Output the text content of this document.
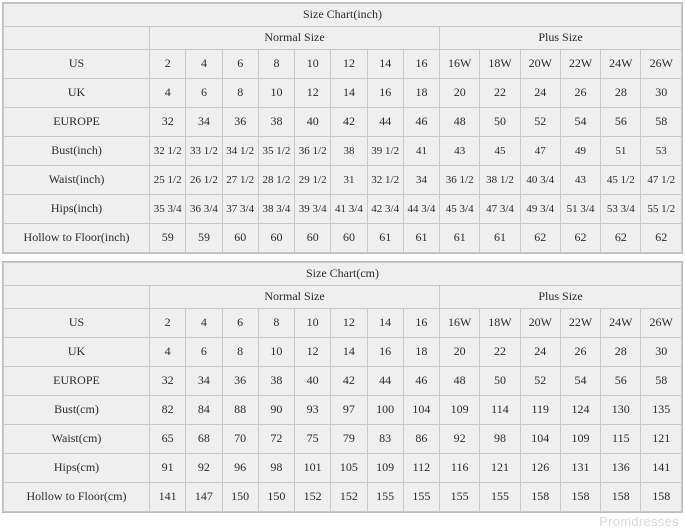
Size Chart(inch)														
	Normal Size								Plus Size					
US	2	4	6	8	10	12	14	16	16W	18W	20W	22W	24W	26W
UK	4	6	8	10	12	14	16	18	20	22	24	26	28	30
EUROPE	32	34	36	38	40	42	44	46	48	50	52	54	56	58
Bust(inch)	32 1/2	33 1/2	34 1/2	35 1/2	36 1/2	38	39 1/2	41	43	45	47	49	51	53
Waist(inch)	25 1/2	26 1/2	27 1/2	28 1/2	29 1/2	31	32 1/2	34	36 1/2	38 1/2	40 3/4	43	45 1/2	47 1/2
Hips(inch)	35 3/4	36 3/4	37 3/4	38 3/4	39 3/4	41 3/4	42 3/4	44 3/4	45 3/4	47 3/4	49 3/4	51 3/4	53 3/4	55 1/2
Hollow to Floor(inch)	59	59	60	60	60	60	61	61	61	61	62	62	62	62
Size Chart(cm)														
	Normal Size								Plus Size					
US	2	4	6	8	10	12	14	16	16W	18W	20W	22W	24W	26W
UK	4	6	8	10	12	14	16	18	20	22	24	26	28	30
EUROPE	32	34	36	38	40	42	44	46	48	50	52	54	56	58
Bust(cm)	82	84	88	90	93	97	100	104	109	114	119	124	130	135
Waist(cm)	65	68	70	72	75	79	83	86	92	98	104	109	115	121
Hips(cm)	91	92	96	98	101	105	109	112	116	121	126	131	136	141
Hollow to Floor(cm)	141	147	150	150	152	152	155	155	155	155	158	158	158	158
Promdresses
